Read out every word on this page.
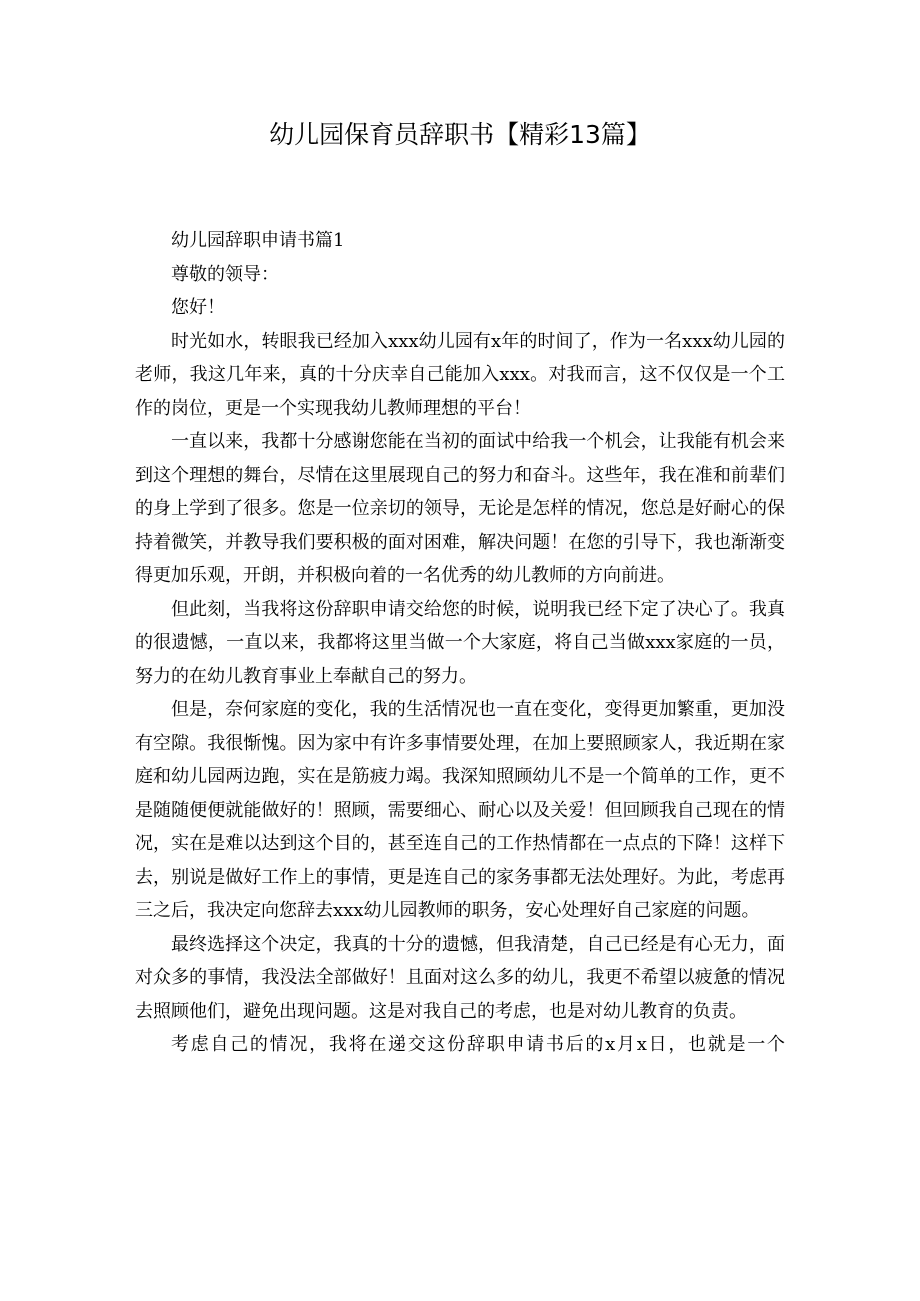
幼儿园保育员辞职书【精彩13篇】

幼儿园辞职申请书篇1

尊敬的领导：

您好！

时光如水，转眼我已经加入xxx幼儿园有x年的时间了，作为一名xxx幼儿园的老师，我这几年来，真的十分庆幸自己能加入xxx。对我而言，这不仅仅是一个工作的岗位，更是一个实现我幼儿教师理想的平台！

一直以来，我都十分感谢您能在当初的面试中给我一个机会，让我能有机会来到这个理想的舞台，尽情在这里展现自己的努力和奋斗。这些年，我在准和前辈们的身上学到了很多。您是一位亲切的领导，无论是怎样的情况，您总是好耐心的保持着微笑，并教导我们要积极的面对困难，解决问题！在您的引导下，我也渐渐变得更加乐观，开朗，并积极向着的一名优秀的幼儿教师的方向前进。

但此刻，当我将这份辞职申请交给您的时候，说明我已经下定了决心了。我真的很遗憾，一直以来，我都将这里当做一个大家庭，将自己当做xxx家庭的一员，努力的在幼儿教育事业上奉献自己的努力。

但是，奈何家庭的变化，我的生活情况也一直在变化，变得更加繁重，更加没有空隙。我很惭愧。因为家中有许多事情要处理，在加上要照顾家人，我近期在家庭和幼儿园两边跑，实在是筋疲力竭。我深知照顾幼儿不是一个简单的工作，更不是随随便便就能做好的！照顾，需要细心、耐心以及关爱！但回顾我自己现在的情况，实在是难以达到这个目的，甚至连自己的工作热情都在一点点的下降！这样下去，别说是做好工作上的事情，更是连自己的家务事都无法处理好。为此，考虑再三之后，我决定向您辞去xxx幼儿园教师的职务，安心处理好自己家庭的问题。

最终选择这个决定，我真的十分的遗憾，但我清楚，自己已经是有心无力，面对众多的事情，我没法全部做好！且面对这么多的幼儿，我更不希望以疲惫的情况去照顾他们，避免出现问题。这是对我自己的考虑，也是对幼儿教育的负责。

考虑自己的情况，我将在递交这份辞职申请书后的x月x日，也就是一个
